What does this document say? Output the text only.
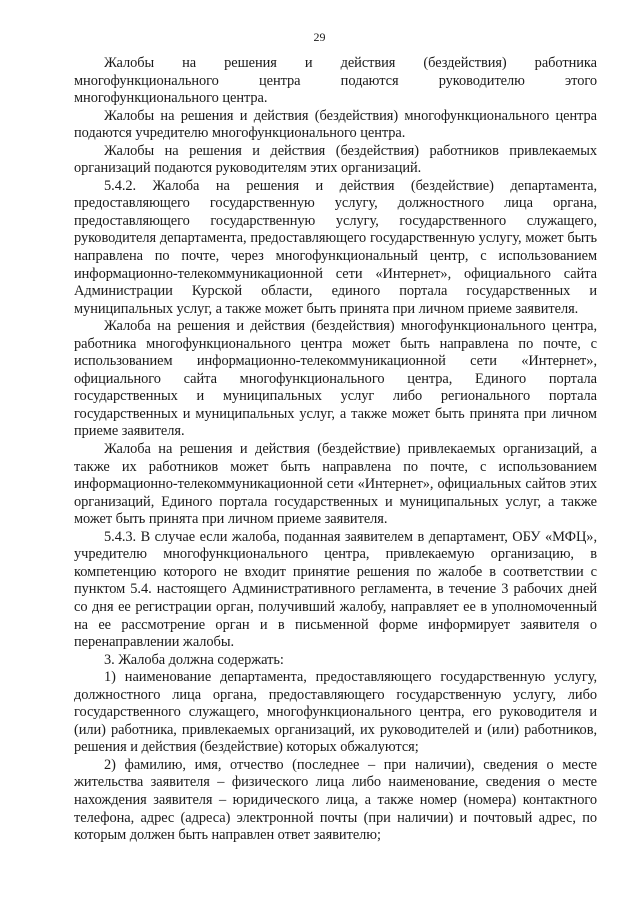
29

Жалобы на решения и действия (бездействия) работника многофункционального центра подаются руководителю этого многофункционального центра.

Жалобы на решения и действия (бездействия) многофункционального центра подаются учредителю многофункционального центра.

Жалобы на решения и действия (бездействия) работников привлекаемых организаций подаются руководителям этих организаций.

5.4.2. Жалоба на решения и действия (бездействие) департамента, предоставляющего государственную услугу, должностного лица органа, предоставляющего государственную услугу, государственного служащего, руководителя департамента, предоставляющего государственную услугу, может быть направлена по почте, через многофункциональный центр, с использованием информационно-телекоммуникационной сети «Интернет», официального сайта Администрации Курской области, единого портала государственных и муниципальных услуг, а также может быть принята при личном приеме заявителя.

Жалоба на решения и действия (бездействия) многофункционального центра, работника многофункционального центра может быть направлена по почте, с использованием информационно-телекоммуникационной сети «Интернет», официального сайта многофункционального центра, Единого портала государственных и муниципальных услуг либо регионального портала государственных и муниципальных услуг, а также может быть принята при личном приеме заявителя.

Жалоба на решения и действия (бездействие) привлекаемых организаций, а также их работников может быть направлена по почте, с использованием информационно-телекоммуникационной сети «Интернет», официальных сайтов этих организаций, Единого портала государственных и муниципальных услуг, а также может быть принята при личном приеме заявителя.

5.4.3. В случае если жалоба, поданная заявителем в департамент, ОБУ «МФЦ», учредителю многофункционального центра, привлекаемую организацию, в компетенцию которого не входит принятие решения по жалобе в соответствии с пунктом 5.4. настоящего Административного регламента, в течение 3 рабочих дней со дня ее регистрации орган, получивший жалобу, направляет ее в уполномоченный на ее рассмотрение орган и в письменной форме информирует заявителя о перенаправлении жалобы.

3. Жалоба должна содержать:

1) наименование департамента, предоставляющего государственную услугу, должностного лица органа, предоставляющего государственную услугу, либо государственного служащего, многофункционального центра, его руководителя и (или) работника, привлекаемых организаций, их руководителей и (или) работников, решения и действия (бездействие) которых обжалуются;

2) фамилию, имя, отчество (последнее – при наличии), сведения о месте жительства заявителя – физического лица либо наименование, сведения о месте нахождения заявителя – юридического лица, а также номер (номера) контактного телефона, адрес (адреса) электронной почты (при наличии) и почтовый адрес, по которым должен быть направлен ответ заявителю;
